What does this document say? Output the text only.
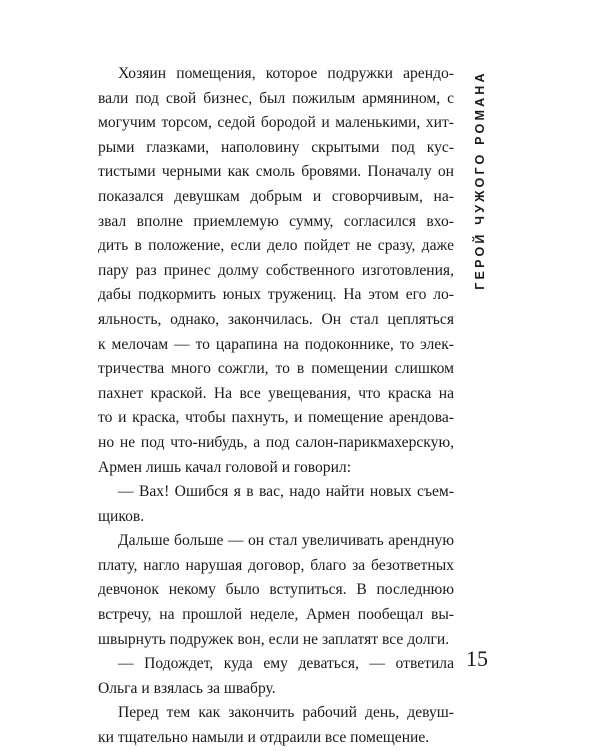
Хозяин помещения, которое подружки арендо-
вали под свой бизнес, был пожилым армянином, с
могучим торсом, седой бородой и маленькими, хит-
рыми глазками, наполовину скрытыми под кус-
тистыми черными как смоль бровями. Поначалу он
показался девушкам добрым и сговорчивым, на-
звал вполне приемлемую сумму, согласился вхо-
дить в положение, если дело пойдет не сразу, даже
пару раз принес долму собственного изготовления,
дабы подкормить юных тружениц. На этом его ло-
яльность, однако, закончилась. Он стал цепляться
к мелочам — то царапина на подоконнике, то элек-
тричества много сожгли, то в помещении слишком
пахнет краской. На все увещевания, что краска на
то и краска, чтобы пахнуть, и помещение арендова-
но не под что-нибудь, а под салон-парикмахерскую,
Армен лишь качал головой и говорил:
— Вах! Ошибся я в вас, надо найти новых съем-
щиков.
Дальше больше — он стал увеличивать арендную
плату, нагло нарушая договор, благо за безответных
девчонок некому было вступиться. В последнюю
встречу, на прошлой неделе, Армен пообещал вы-
швырнуть подружек вон, если не заплатят все долги.
— Подождет, куда ему деваться, — ответила
Ольга и взялась за швабру.
Перед тем как закончить рабочий день, девуш-
ки тщательно намыли и отдраили все помещение.
ГЕРОЙ ЧУЖОГО РОМАНА
15
